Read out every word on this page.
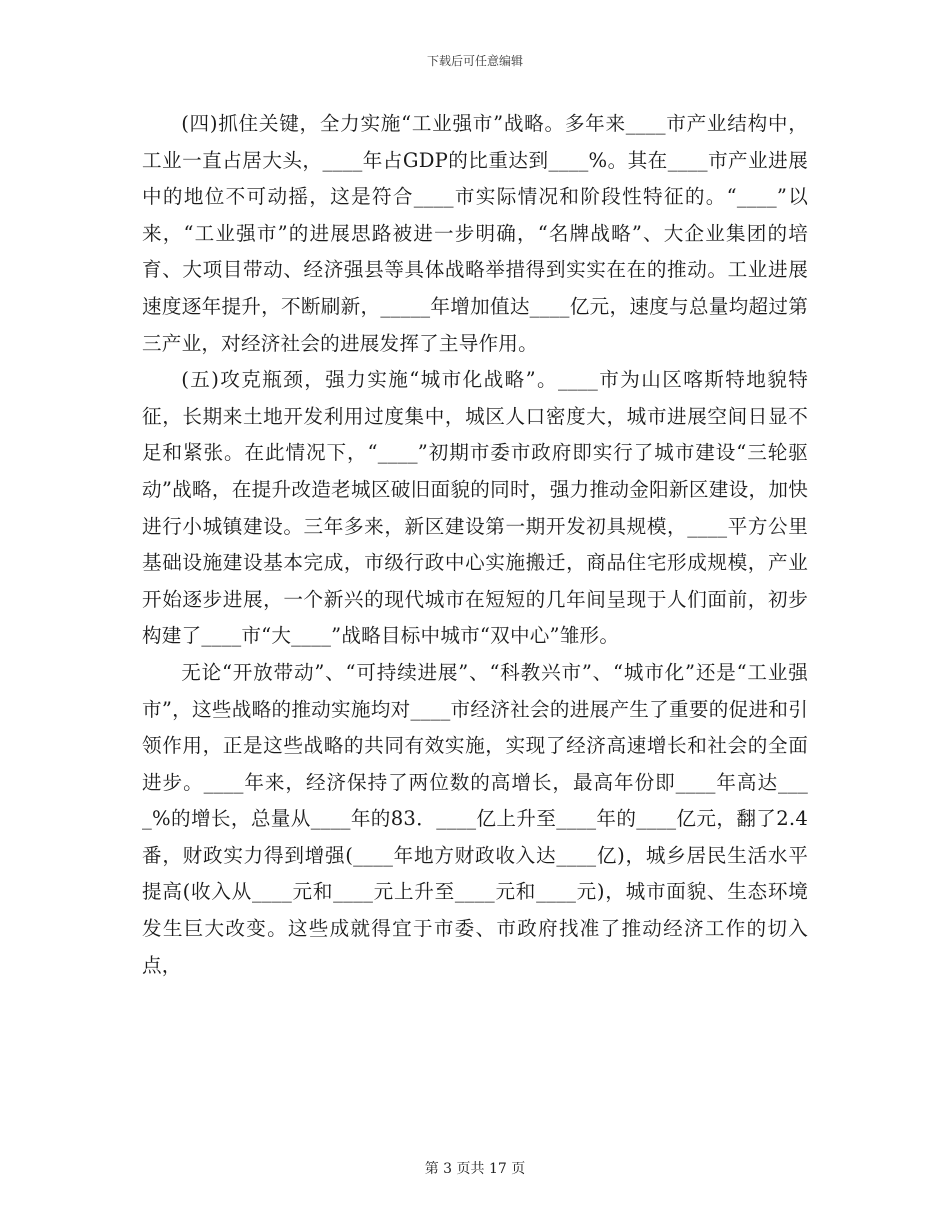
下载后可任意编辑

(四)抓住关键，全力实施“工业强市”战略。多年来____市产业结构中，工业一直占居大头，____年占GDP的比重达到____%。其在____市产业进展中的地位不可动摇，这是符合____市实际情况和阶段性特征的。“____”以来，“工业强市”的进展思路被进一步明确，“名牌战略”、大企业集团的培育、大项目带动、经济强县等具体战略举措得到实实在在的推动。工业进展速度逐年提升，不断刷新，_____年增加值达____亿元，速度与总量均超过第三产业，对经济社会的进展发挥了主导作用。

(五)攻克瓶颈，强力实施“城市化战略”。____市为山区喀斯特地貌特征，长期来土地开发利用过度集中，城区人口密度大，城市进展空间日显不足和紧张。在此情况下，“____”初期市委市政府即实行了城市建设“三轮驱动”战略，在提升改造老城区破旧面貌的同时，强力推动金阳新区建设，加快进行小城镇建设。三年多来，新区建设第一期开发初具规模，____平方公里基础设施建设基本完成，市级行政中心实施搬迁，商品住宅形成规模，产业开始逐步进展，一个新兴的现代城市在短短的几年间呈现于人们面前，初步构建了____市“大____”战略目标中城市“双中心”雏形。

无论“开放带动”、“可持续进展”、“科教兴市”、“城市化”还是“工业强市”，这些战略的推动实施均对____市经济社会的进展产生了重要的促进和引领作用，正是这些战略的共同有效实施，实现了经济高速增长和社会的全面进步。____年来，经济保持了两位数的高增长，最高年份即____年高达____%的增长，总量从____年的83．____亿上升至____年的____亿元，翻了2.4番，财政实力得到增强(____年地方财政收入达____亿)，城乡居民生活水平提高(收入从____元和____元上升至____元和____元)，城市面貌、生态环境发生巨大改变。这些成就得宜于市委、市政府找准了推动经济工作的切入点，

第 3 页共 17 页
